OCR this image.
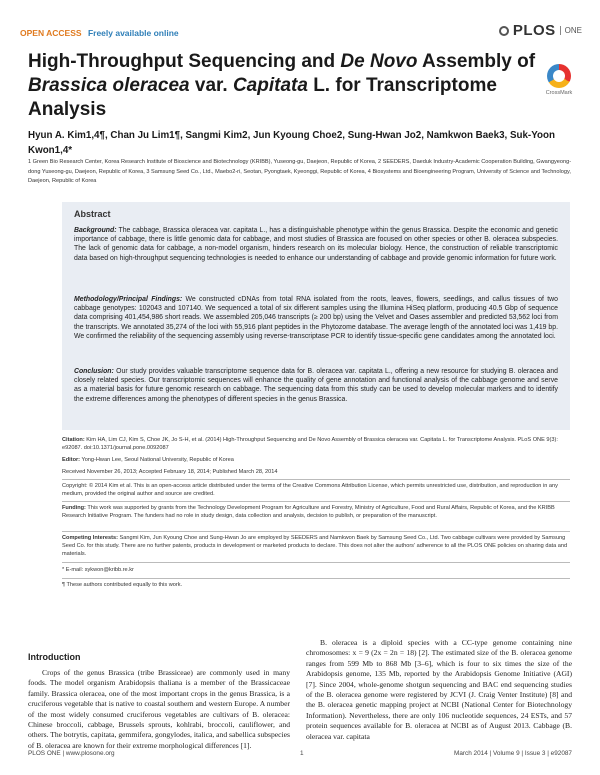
OPEN ACCESS Freely available online	PLOS	ONE
High-Throughput Sequencing and De Novo Assembly of Brassica oleracea var. Capitata L. for Transcriptome Analysis
CrossMark
Hyun A. Kim1,4¶, Chan Ju Lim1¶, Sangmi Kim2, Jun Kyoung Choe2, Sung-Hwan Jo2, Namkwon Baek3, Suk-Yoon Kwon1,4*
1 Green Bio Research Center, Korea Research Institute of Bioscience and Biotechnology (KRIBB), Yuseong-gu, Daejeon, Republic of Korea, 2 SEEDERS, Daeduk Industry-Academic Cooperation Building, Gwangyeong-dong Yuseong-gu, Daejeon, Republic of Korea, 3 Samsung Seed Co., Ltd., Maebo2-ri, Seotan, Pyongtaek, Kyeonggi, Republic of Korea, 4 Biosystems and Bioengineering Program, University of Science and Technology, Daejeon, Republic of Korea
Abstract

Background: The cabbage, Brassica oleracea var. capitata L., has a distinguishable phenotype within the genus Brassica. Despite the economic and genetic importance of cabbage, there is little genomic data for cabbage, and most studies of Brassica are focused on other species or other B. oleracea subspecies. The lack of genomic data for cabbage, a non-model organism, hinders research on its molecular biology. Hence, the construction of reliable transcriptomic data based on high-throughput sequencing technologies is needed to enhance our understanding of cabbage and provide genomic information for future work.

Methodology/Principal Findings: We constructed cDNAs from total RNA isolated from the roots, leaves, flowers, seedlings, and callus tissues of two cabbage genotypes: 102043 and 107140. We sequenced a total of six different samples using the Illumina HiSeq platform, producing 40.5 Gbp of sequence data comprising 401,454,986 short reads. We assembled 205,046 transcripts (≥ 200 bp) using the Velvet and Oases assembler and predicted 53,562 loci from the transcripts. We annotated 35,274 of the loci with 55,916 plant peptides in the Phytozome database. The average length of the annotated loci was 1,419 bp. We confirmed the reliability of the sequencing assembly using reverse-transcriptase PCR to identify tissue-specific gene candidates among the annotated loci.

Conclusion: Our study provides valuable transcriptome sequence data for B. oleracea var. capitata L., offering a new resource for studying B. oleracea and closely related species. Our transcriptomic sequences will enhance the quality of gene annotation and functional analysis of the cabbage genome and serve as a material basis for future genomic research on cabbage. The sequencing data from this study can be used to develop molecular markers and to identify the extreme differences among the phenotypes of different species in the genus Brassica.

Citation: Kim HA, Lim CJ, Kim S, Choe JK, Jo S-H, et al. (2014) High-Throughput Sequencing and De Novo Assembly of Brassica oleracea var. Capitata L. for Transcriptome Analysis. PLoS ONE 9(3): e92087. doi:10.1371/journal.pone.0092087
Editor: Yong-Hwan Lee, Seoul National University, Republic of Korea
Received November 26, 2013; Accepted February 18, 2014; Published March 28, 2014
Copyright: © 2014 Kim et al. This is an open-access article distributed under the terms of the Creative Commons Attribution License, which permits unrestricted use, distribution, and reproduction in any medium, provided the original author and source are credited.
Funding: This work was supported by grants from the Technology Development Program for Agriculture and Forestry, Ministry of Agriculture, Food and Rural Affairs, Republic of Korea, and the KRIBB Research Initiative Program. The funders had no role in study design, data collection and analysis, decision to publish, or preparation of the manuscript.
Competing Interests: Sangmi Kim, Jun Kyoung Choe and Sung-Hwan Jo are employed by SEEDERS and Namkwon Baek by Samsung Seed Co., Ltd. Two cabbage cultivars were provided by Samsung Seed Co. for this study. There are no further patents, products in development or marketed products to declare. This does not alter the authors' adherence to all the PLOS ONE policies on sharing data and materials.
* E-mail: sykwon@kribb.re.kr
¶ These authors contributed equally to this work.
Introduction

Crops of the genus Brassica (tribe Brassiceae) are commonly used in many foods. The model organism Arabidopsis thaliana is a member of the Brassicaceae family. Brassica oleracea, one of the most important crops in the genus Brassica, is a cruciferous vegetable that is native to coastal southern and western Europe. A number of the most widely consumed cruciferous vegetables are cultivars of B. oleracea: Chinese broccoli, cabbage, Brussels sprouts, kohlrabi, broccoli, cauliflower, and others. The botrytis, capitata, gemmifera, gongylodes, italica, and sabellica subspecies of B. oleracea are known for their extreme morphological differences [1].

B. oleracea is a diploid species with a CC-type genome containing nine chromosomes: x = 9 (2x = 2n = 18) [2]. The estimated size of the B. oleracea genome ranges from 599 Mb to 868 Mb [3–6], which is four to six times the size of the Arabidopsis genome, 135 Mb, reported by the Arabidopsis Genome Initiative (AGI) [7]. Since 2004, whole-genome shotgun sequencing and BAC end sequencing studies of the B. oleracea genome were registered by JCVI (J. Craig Venter Institute) [8] and the B. oleracea genetic mapping project at NCBI (National Center for Biotechnology Information). Nevertheless, there are only 106 nucleotide sequences, 24 ESTs, and 57 protein sequences available for B. oleracea at NCBI as of August 2013. Cabbage (B. oleracea var. capitata

PLOS ONE | www.plosone.org	1	March 2014 | Volume 9 | Issue 3 | e92087
